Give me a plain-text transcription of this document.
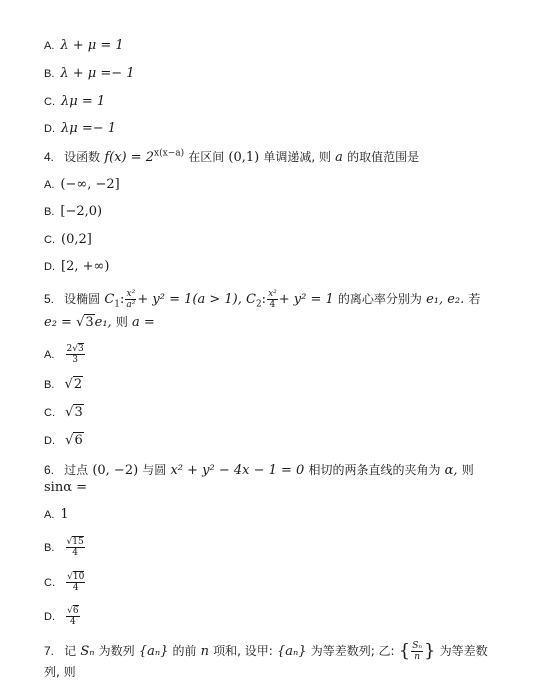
A. λ + μ = 1
B. λ + μ =− 1
C. λμ = 1
D. λμ =− 1
4. 设函数 $f(x) = 2^{x(x-a)}$ 在区间 (0,1) 单调递减, 则 a 的取值范围是
A. (−∞, −2]
B. [−2,0)
C. (0,2]
D. [2, +∞)
5. 设椭圆 $C_1$: $\frac{\text{x²}}{\text{a²}} + y^2 = 1(a > 1)$, $C_2$: $\frac{\text{x²}}{4} + y^2 = 1$ 的离心率分别为 e₁, e₂. 若
e₂ = √3e₁, 则 a =
A. $\frac{2√3}{3}$
B. √2
C. √3
D. √6
6. 过点 (0, −2) 与圆 x² + y² − 4x − 1 = 0 相切的两条直线的夹角为 α, 则
sinα =
A. 1
B. $\frac{√15}{4}$
C. $\frac{√10}{4}$
D. $\frac{√6}{4}$
7. 记 Sₙ 为数列 {aₙ} 的前 n 项和, 设甲: {aₙ} 为等差数列; 乙: { $\frac{\text{Sₙ}}{n}$ } 为等差数
列, 则
